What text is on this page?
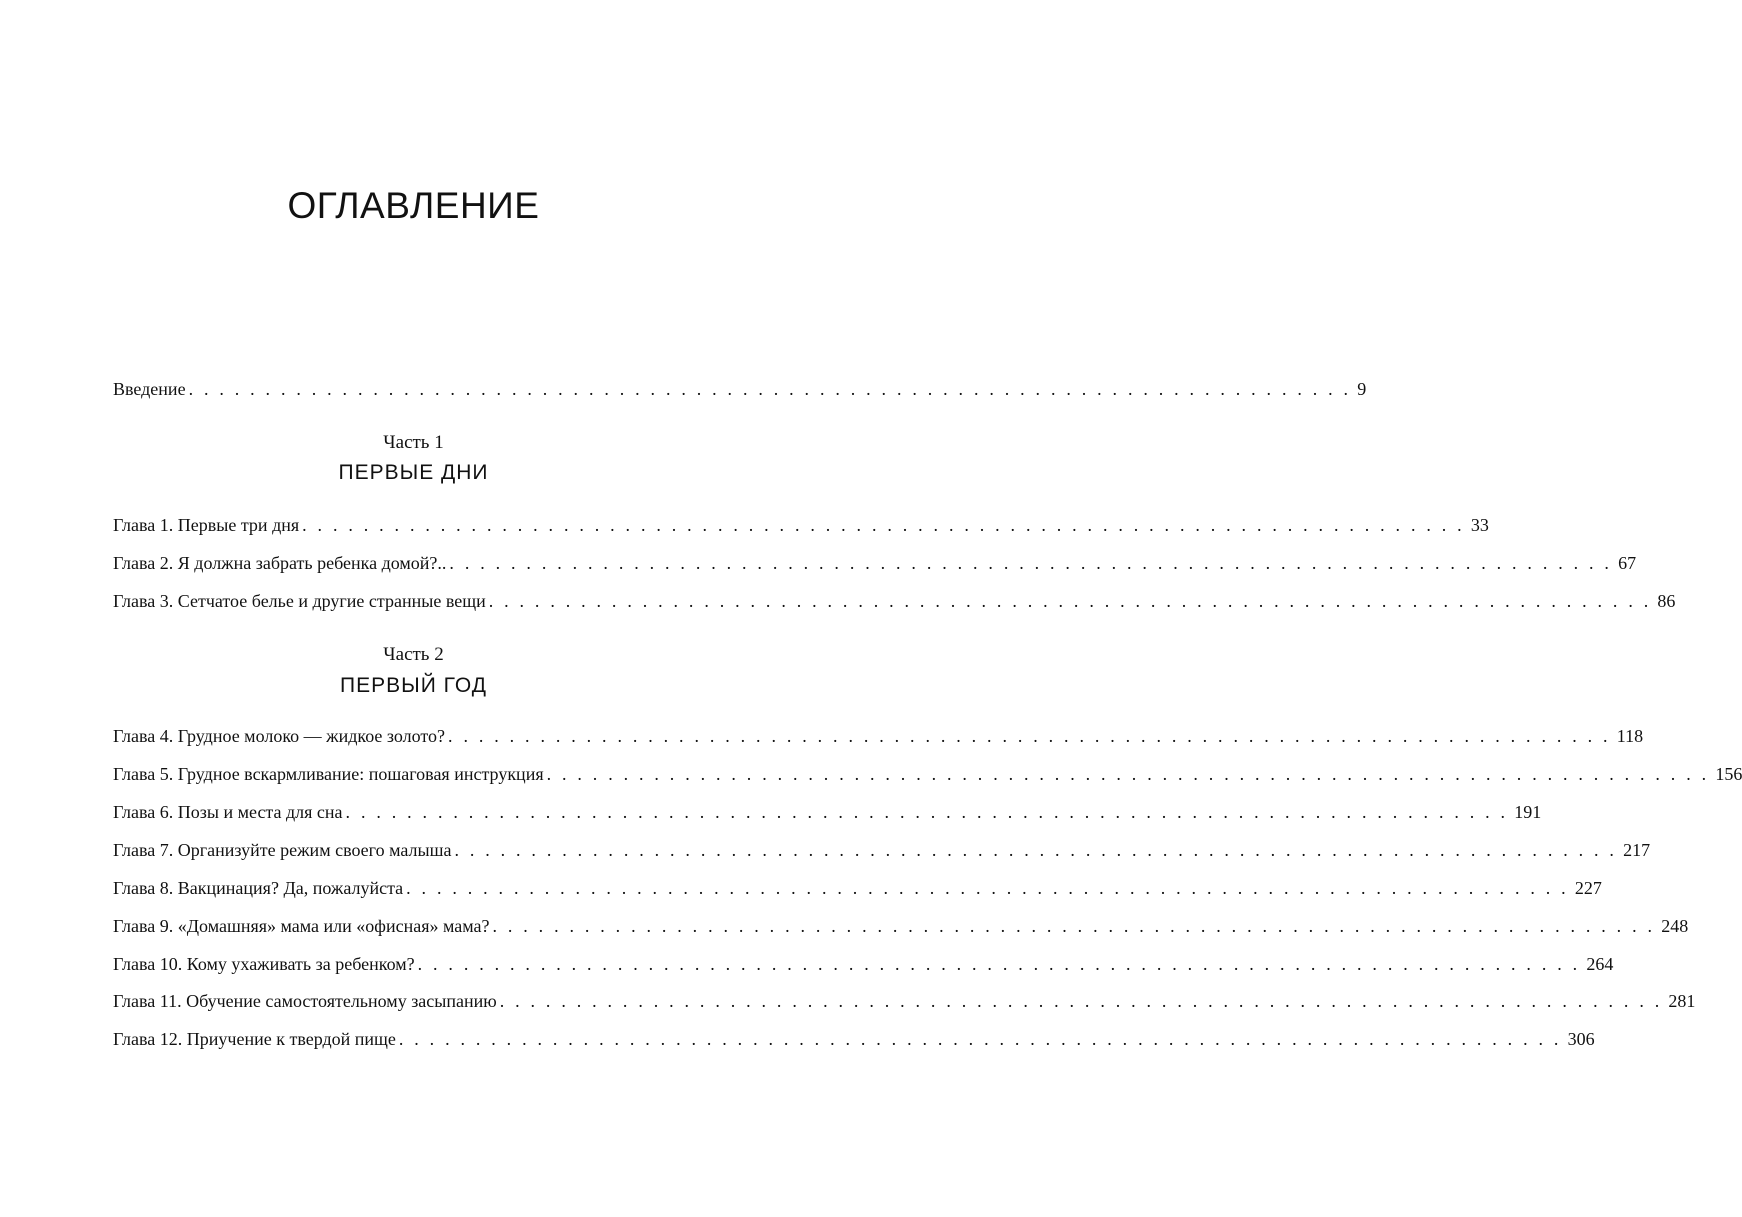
ОГЛАВЛЕНИЕ
Введение . . . . . . . . . . . . . . . . . . . . . . . . . . . . . . . . . . . . . . . . . . . . . . . . . . . . . . . . . . . . . . . . . . . . . . . . . . . . 9
Часть 1
ПЕРВЫЕ ДНИ
Глава 1. Первые три дня . . . . . . . . . . . . . . . . . . . . . . . . . . . . . . . . . . . . . . . . . . . . . . . . . . . . . . . . . . . . . . . . . . . . . . . . . . . . 33
Глава 2. Я должна забрать ребенка домой?.. . . . . . . . . . . . . . . . . . . . . . . . . . . . . . . . . . . . . . . . . . . . . . . . . . . . . . . . . . . . . . . . . . . . . . . . . . . . . 67
Глава 3. Сетчатое белье и другие странные вещи . . . . . . . . . . . . . . . . . . . . . . . . . . . . . . . . . . . . . . . . . . . . . . . . . . . . . . . . . . . . . . . . . . . . . . . . . . . . 86
Часть 2
ПЕРВЫЙ ГОД
Глава 4. Грудное молоко — жидкое золото? . . . . . . . . . . . . . . . . . . . . . . . . . . . . . . . . . . . . . . . . . . . . . . . . . . . . . . . . . . . . . . . . . . . . . . . . . . . . 118
Глава 5. Грудное вскармливание: пошаговая инструкция . . . . . . . . . . . . . . . . . . . . . . . . . . . . . . . . . . . . . . . . . . . . . . . . . . . . . . . . . . . . . . . . . . . . . . . . . . . . 156
Глава 6. Позы и места для сна . . . . . . . . . . . . . . . . . . . . . . . . . . . . . . . . . . . . . . . . . . . . . . . . . . . . . . . . . . . . . . . . . . . . . . . . . . . . 191
Глава 7. Организуйте режим своего малыша . . . . . . . . . . . . . . . . . . . . . . . . . . . . . . . . . . . . . . . . . . . . . . . . . . . . . . . . . . . . . . . . . . . . . . . . . . . . 217
Глава 8. Вакцинация? Да, пожалуйста . . . . . . . . . . . . . . . . . . . . . . . . . . . . . . . . . . . . . . . . . . . . . . . . . . . . . . . . . . . . . . . . . . . . . . . . . . . . 227
Глава 9. «Домашняя» мама или «офисная» мама? . . . . . . . . . . . . . . . . . . . . . . . . . . . . . . . . . . . . . . . . . . . . . . . . . . . . . . . . . . . . . . . . . . . . . . . . . . . . 248
Глава 10. Кому ухаживать за ребенком? . . . . . . . . . . . . . . . . . . . . . . . . . . . . . . . . . . . . . . . . . . . . . . . . . . . . . . . . . . . . . . . . . . . . . . . . . . . . 264
Глава 11. Обучение самостоятельному засыпанию . . . . . . . . . . . . . . . . . . . . . . . . . . . . . . . . . . . . . . . . . . . . . . . . . . . . . . . . . . . . . . . . . . . . . . . . . . . . 281
Глава 12. Приучение к твердой пище . . . . . . . . . . . . . . . . . . . . . . . . . . . . . . . . . . . . . . . . . . . . . . . . . . . . . . . . . . . . . . . . . . . . . . . . . . . . 306
